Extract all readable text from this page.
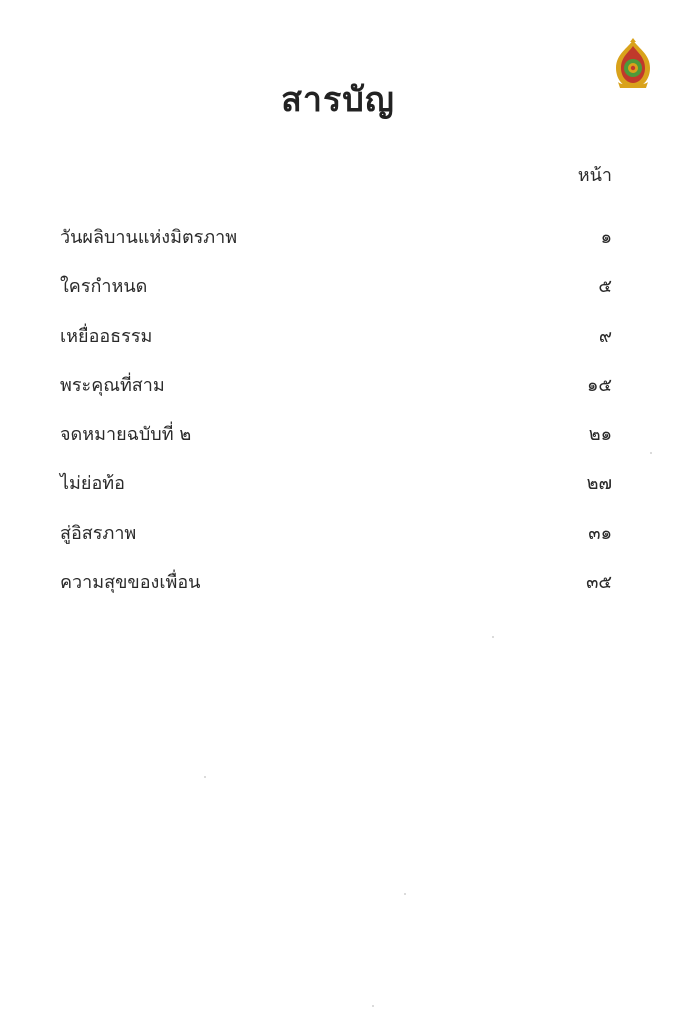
สารบัญ
หน้า
วันผลิบานแห่งมิตรภาพ	๑
ใครกำหนด	๕
เหยื่ออธรรม	๙
พระคุณที่สาม	๑๕
จดหมายฉบับที่ ๒	๒๑
ไม่ย่อท้อ	๒๗
สู่อิสรภาพ	๓๑
ความสุขของเพื่อน	๓๕
